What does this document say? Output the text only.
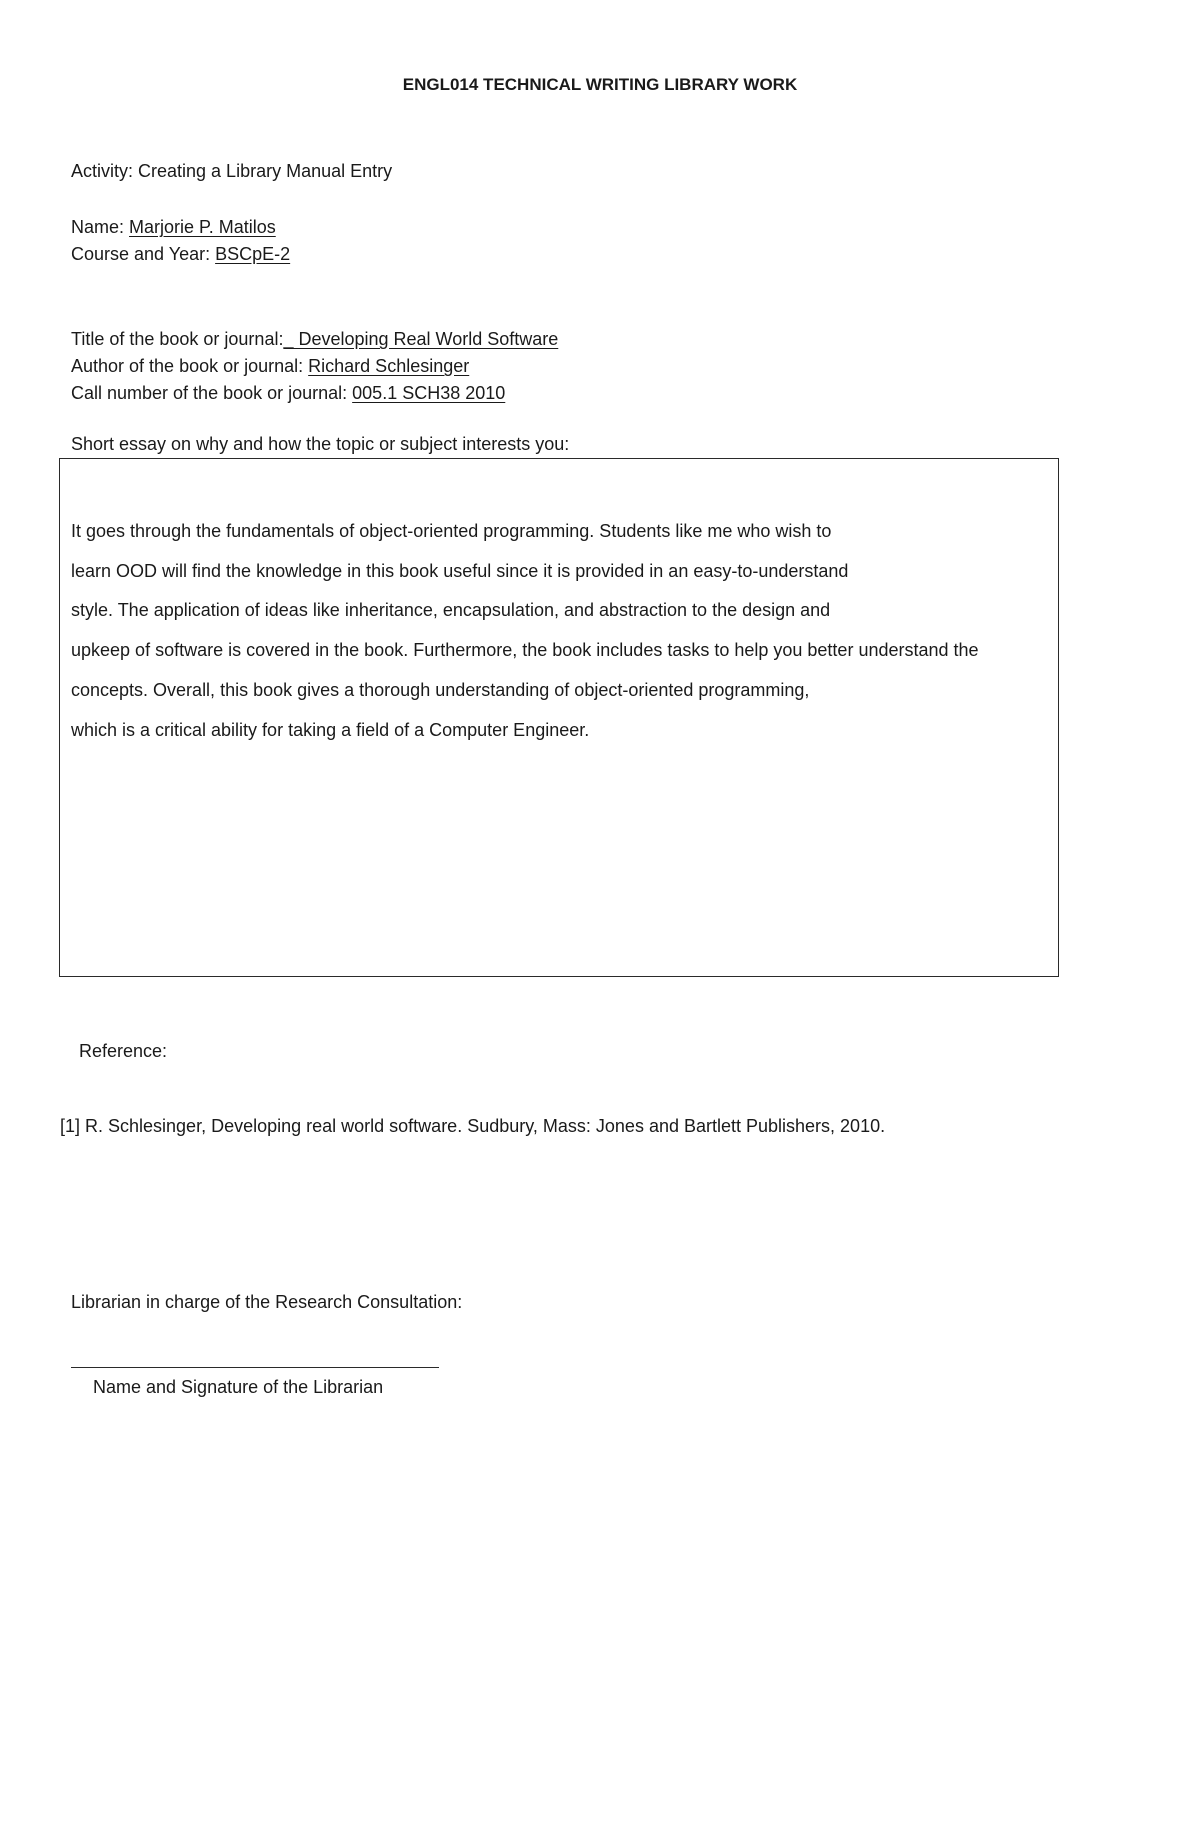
ENGL014 TECHNICAL WRITING LIBRARY WORK
Activity: Creating a Library Manual Entry
Name: Marjorie P. Matilos
Course and Year: BSCpE-2
Title of the book or journal:_ Developing Real World Software
Author of the book or journal: Richard Schlesinger
Call number of the book or journal: 005.1 SCH38 2010
Short essay on why and how the topic or subject interests you:
It goes through the fundamentals of object-oriented programming. Students like me who wish to
learn OOD will find the knowledge in this book useful since it is provided in an easy-to-understand
style. The application of ideas like inheritance, encapsulation, and abstraction to the design and
upkeep of software is covered in the book. Furthermore, the book includes tasks to help you better understand the
concepts. Overall, this book gives a thorough understanding of object-oriented programming,
which is a critical ability for taking a field of a Computer Engineer.
Reference:
[1] R. Schlesinger, Developing real world software. Sudbury, Mass: Jones and Bartlett Publishers, 2010.
Librarian in charge of the Research Consultation:
Name and Signature of the Librarian
